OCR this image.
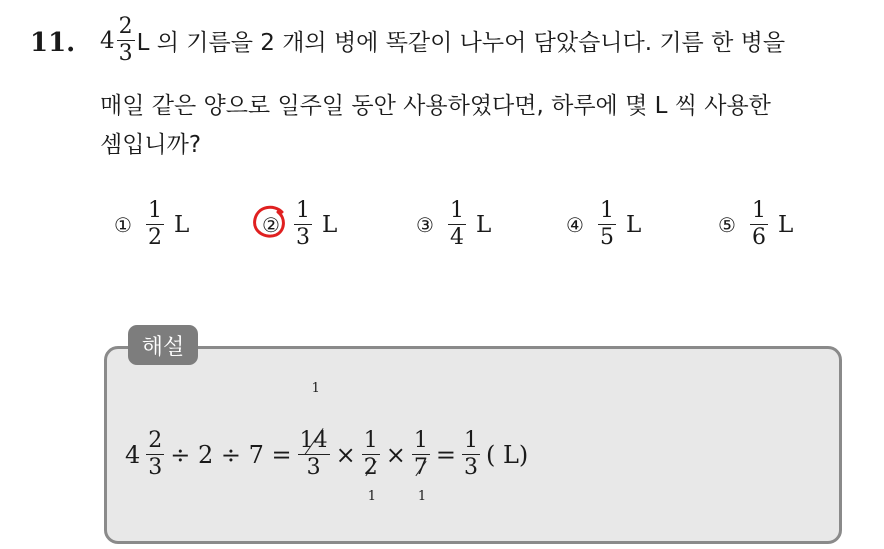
11. $4 \frac{2}{3}$ L 의 기름을 2 개의 병에 똑같이 나누어 담았습니다. 기름 한 병을
매일 같은 양으로 일주일 동안 사용하였다면, 하루에 몇 L 씩 사용한
셈입니까?
① $\frac{1}{2}$ L	② $\frac{1}{3}$ L	③ $\frac{1}{4}$ L	④ $\frac{1}{5}$ L	⑤ $\frac{1}{6}$ L
해설
$4 \frac{2}{3} \div 2 \div 7$ =
1
14
3 × 1
2
1
× 1
7
1
= $\frac{1}{3}$ ( L)
